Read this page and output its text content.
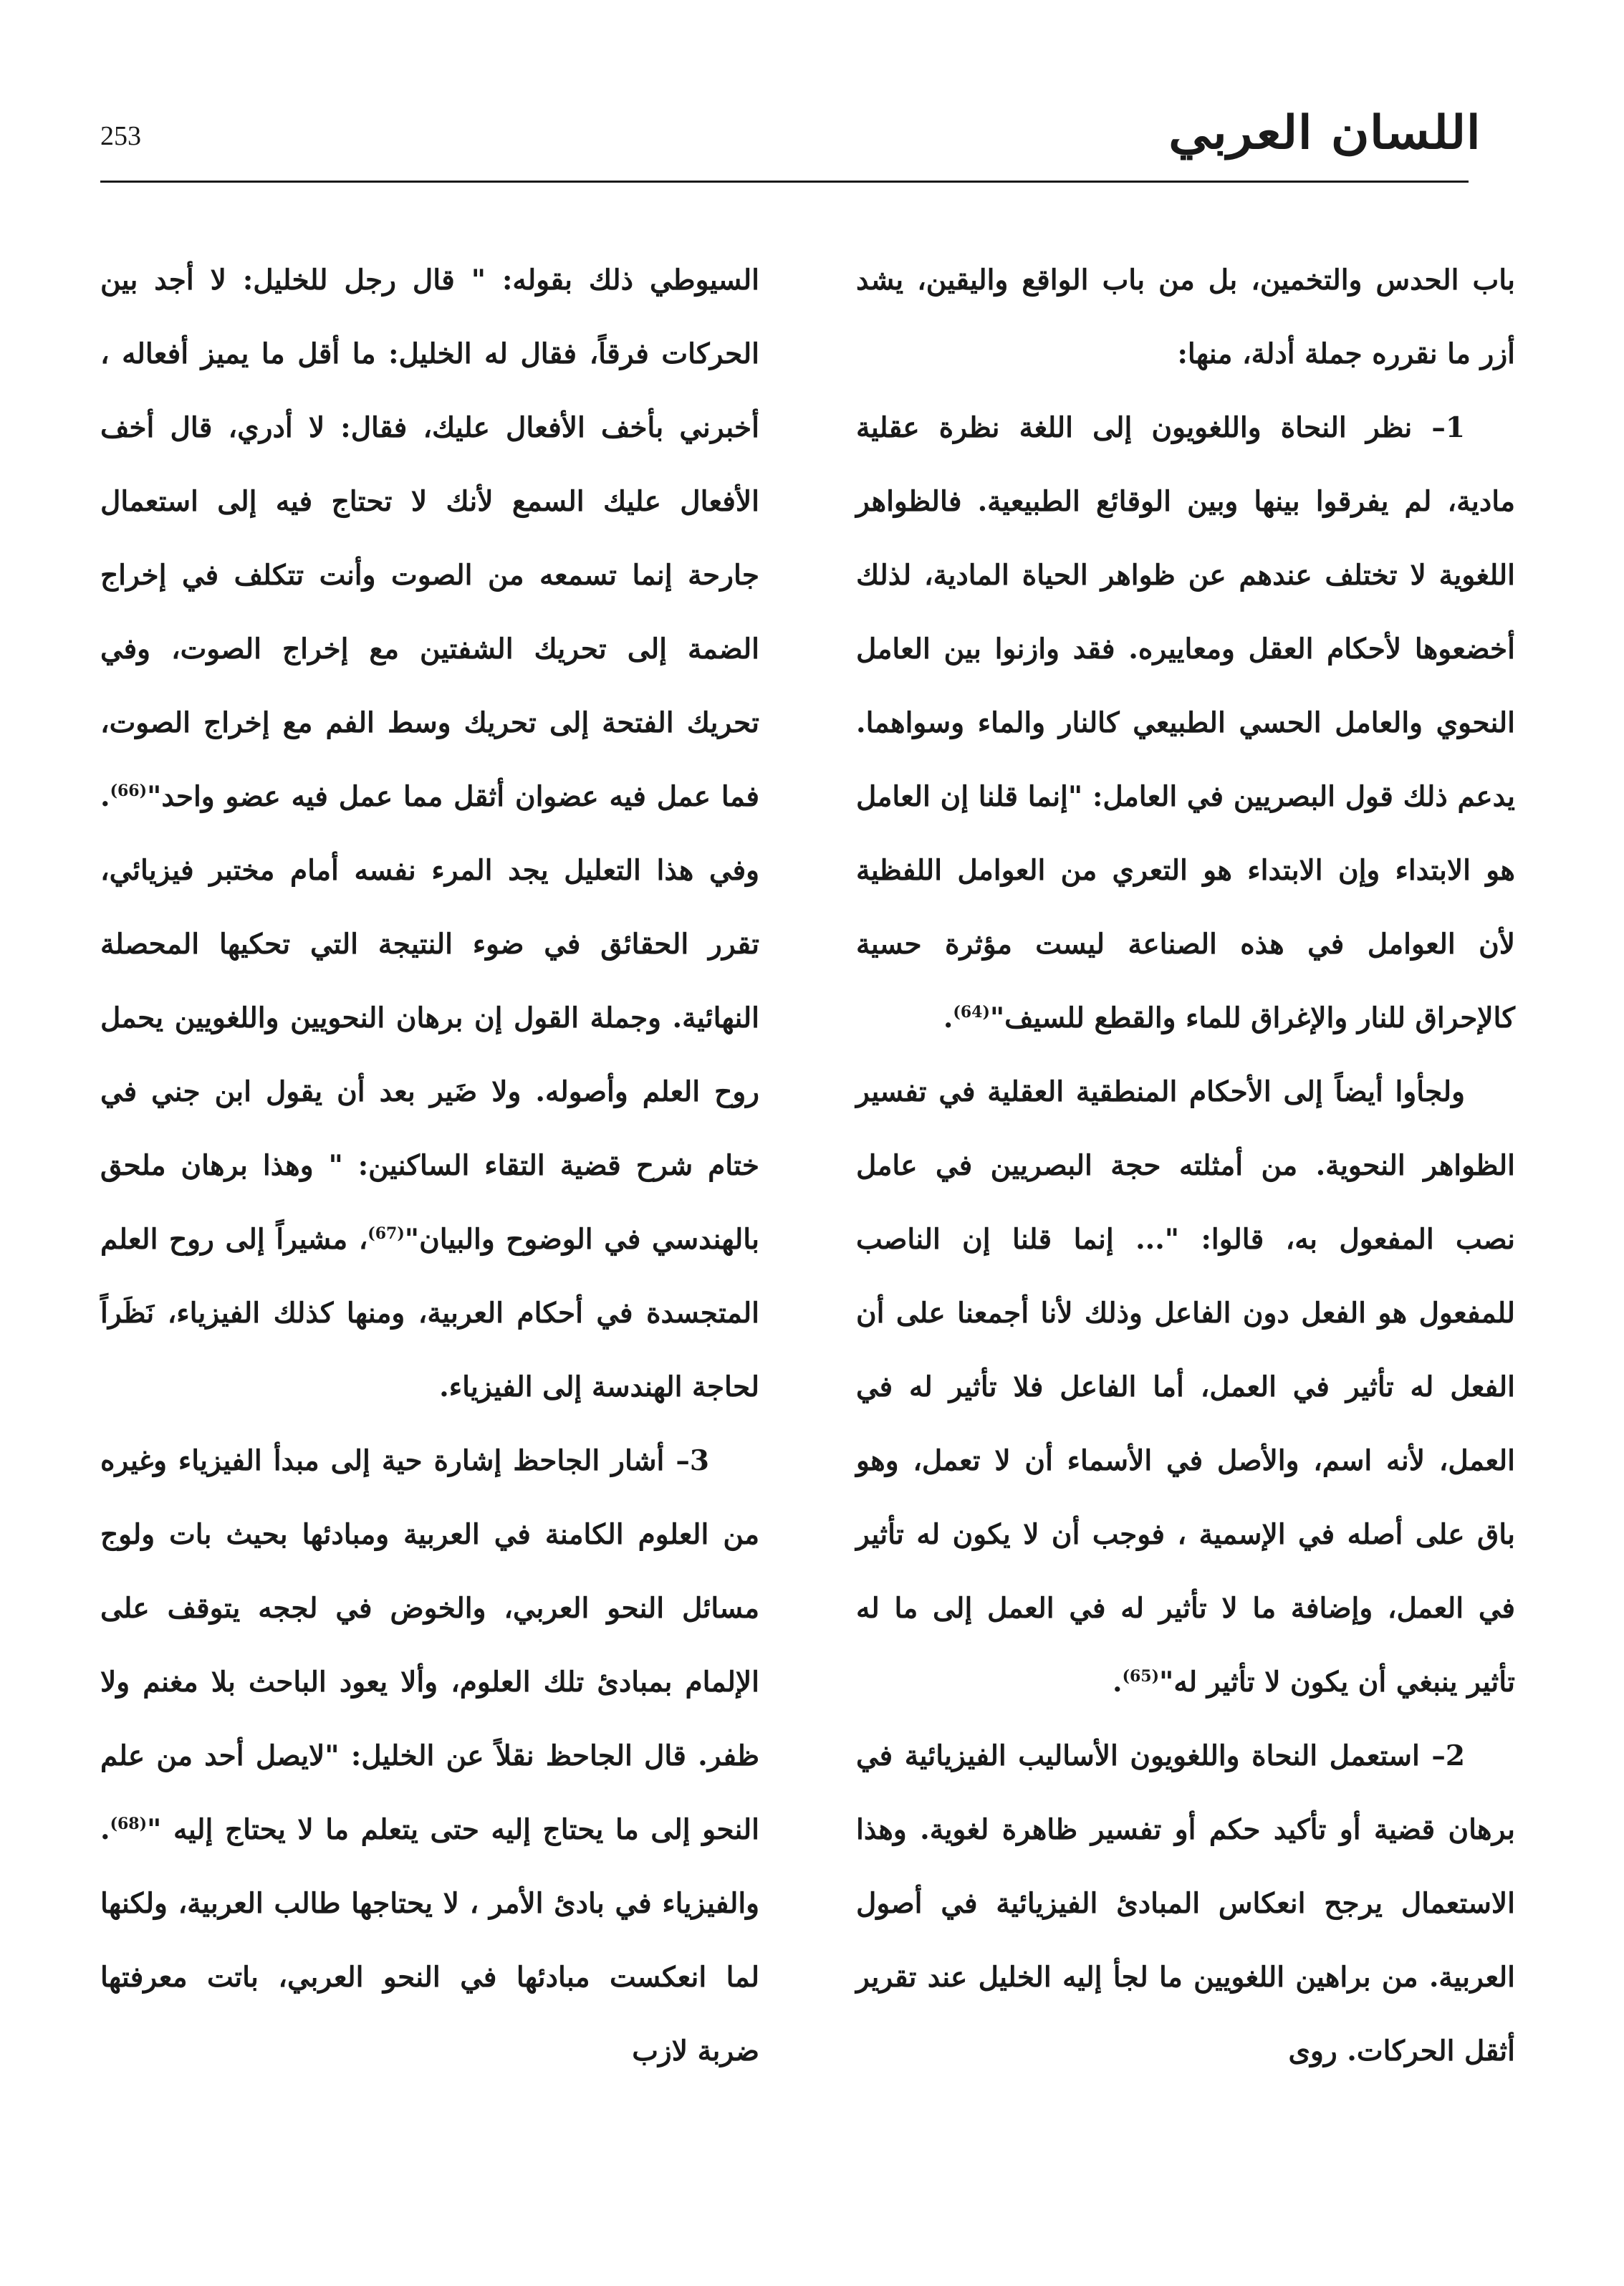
253	اللسان العربي

باب الحدس والتخمين، بل من باب الواقع واليقين، يشد أزر ما نقرره جملة أدلة، منها:

1– نظر النحاة واللغويون إلى اللغة نظرة عقلية مادية، لم يفرقوا بينها وبين الوقائع الطبيعية. فالظواهر اللغوية لا تختلف عندهم عن ظواهر الحياة المادية، لذلك أخضعوها لأحكام العقل ومعاييره. فقد وازنوا بين العامل النحوي والعامل الحسي الطبيعي كالنار والماء وسواهما. يدعم ذلك قول البصريين في العامل: "إنما قلنا إن العامل هو الابتداء وإن الابتداء هو التعري من العوامل اللفظية لأن العوامل في هذه الصناعة ليست مؤثرة حسية كالإحراق للنار والإغراق للماء والقطع للسيف"$^{(64)}$.

ولجأوا أيضاً إلى الأحكام المنطقية العقلية في تفسير الظواهر النحوية. من أمثلته حجة البصريين في عامل نصب المفعول به، قالوا: "... إنما قلنا إن الناصب للمفعول هو الفعل دون الفاعل وذلك لأنا أجمعنا على أن الفعل له تأثير في العمل، أما الفاعل فلا تأثير له في العمل، لأنه اسم، والأصل في الأسماء أن لا تعمل، وهو باق على أصله في الإسمية ، فوجب أن لا يكون له تأثير في العمل، وإضافة ما لا تأثير له في العمل إلى ما له تأثير ينبغي أن يكون لا تأثير له"$^{(65)}$.

2– استعمل النحاة واللغويون الأساليب الفيزيائية في برهان قضية أو تأكيد حكم أو تفسير ظاهرة لغوية. وهذا الاستعمال يرجح انعكاس المبادئ الفيزيائية في أصول العربية. من براهين اللغويين ما لجأ إليه الخليل عند تقرير أثقل الحركات. روى

السيوطي ذلك بقوله: " قال رجل للخليل: لا أجد بين الحركات فرقاً، فقال له الخليل: ما أقل ما يميز أفعاله ، أخبرني بأخف الأفعال عليك، فقال: لا أدري، قال أخف الأفعال عليك السمع لأنك لا تحتاج فيه إلى استعمال جارحة إنما تسمعه من الصوت وأنت تتكلف في إخراج الضمة إلى تحريك الشفتين مع إخراج الصوت، وفي تحريك الفتحة إلى تحريك وسط الفم مع إخراج الصوت، فما عمل فيه عضوان أثقل مما عمل فيه عضو واحد"$^{(66)}$. وفي هذا التعليل يجد المرء نفسه أمام مختبر فيزيائي، تقرر الحقائق في ضوء النتيجة التي تحكيها المحصلة النهائية. وجملة القول إن برهان النحويين واللغويين يحمل روح العلم وأصوله. ولا ضَير بعد أن يقول ابن جني في ختام شرح قضية التقاء الساكنين: " وهذا برهان ملحق بالهندسي في الوضوح والبيان"$^{(67)}$، مشيراً إلى روح العلم المتجسدة في أحكام العربية، ومنها كذلك الفيزياء، نَظَراً لحاجة الهندسة إلى الفيزياء.

3– أشار الجاحظ إشارة حية إلى مبدأ الفيزياء وغيره من العلوم الكامنة في العربية ومبادئها بحيث بات ولوج مسائل النحو العربي، والخوض في لججه يتوقف على الإلمام بمبادئ تلك العلوم، وألا يعود الباحث بلا مغنم ولا ظفر. قال الجاحظ نقلاً عن الخليل: "لايصل أحد من علم النحو إلى ما يحتاج إليه حتى يتعلم ما لا يحتاج إليه "$^{(68)}$. والفيزياء في بادئ الأمر ، لا يحتاجها طالب العربية، ولكنها لما انعكست مبادئها في النحو العربي، باتت معرفتها ضربة لازب
